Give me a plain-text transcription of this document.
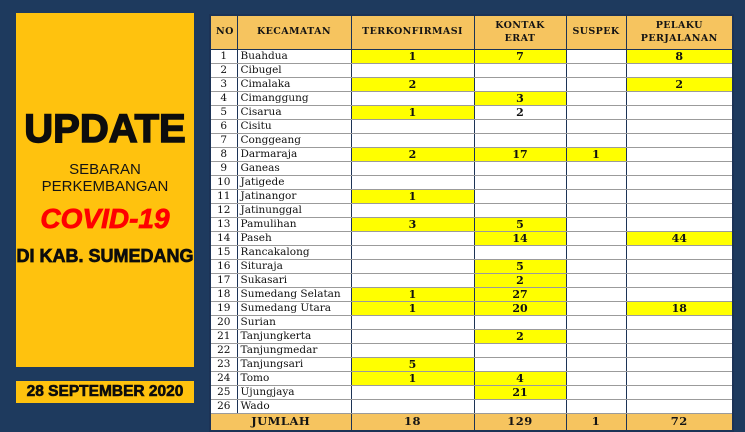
UPDATE
SEBARAN
PERKEMBANGAN
COVID-19
DI KAB. SUMEDANG
28 SEPTEMBER 2020
NO	KECAMATAN	TERKONFIRMASI	KONTAK ERAT	SUSPEK	PELAKU PERJALANAN
1	Buahdua	1	7		8
2	Cibugel				
3	Cimalaka	2			2
4	Cimanggung		3		
5	Cisarua	1	2		
6	Cisitu				
7	Conggeang				
8	Darmaraja	2	17	1	
9	Ganeas				
10	Jatigede				
11	Jatinangor	1			
12	Jatinunggal				
13	Pamulihan	3	5		
14	Paseh		14		44
15	Rancakalong				
16	Situraja		5		
17	Sukasari		2		
18	Sumedang Selatan	1	27		
19	Sumedang Utara	1	20		18
20	Surian				
21	Tanjungkerta		2		
22	Tanjungmedar				
23	Tanjungsari	5			
24	Tomo	1	4		
25	Ujungjaya		21		
26	Wado				
JUMLAH		18	129	1	72
